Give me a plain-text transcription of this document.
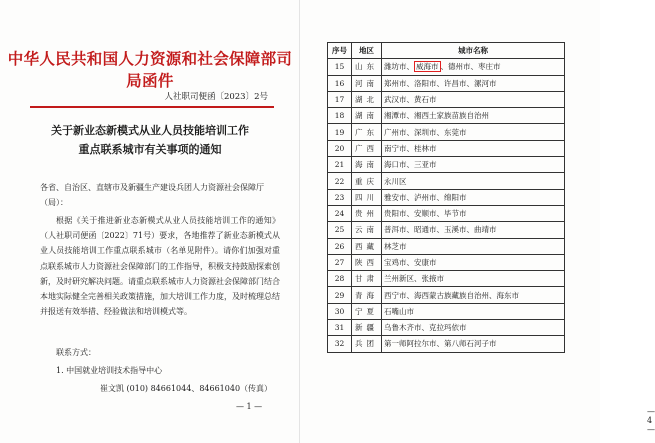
中华人民共和国人力资源和社会保障部司局函件
人社职司便函〔2023〕2号
关于新业态新模式从业人员技能培训工作
重点联系城市有关事项的通知
各省、自治区、直辖市及新疆生产建设兵团人力资源社会保障厅
（局）：
根据《关于推进新业态新模式从业人员技能培训工作的通知》（人社职司便函〔2022〕71号）要求，各地推荐了新业态新模式从业人员技能培训工作重点联系城市（名单见附件）。请你们加强对重点联系城市人力资源社会保障部门的工作指导，积极支持鼓励探索创新，及时研究解决问题。请重点联系城市人力资源社会保障部门结合本地实际健全完善相关政策措施，加大培训工作力度，及时梳理总结并报送有效举措、经验做法和培训模式等。
联系方式：
1. 中国就业培训技术指导中心
崔文凯 (010) 84661044、84661040（传真）
— 1 —
— 4 —
序号	地区	城市名称
15	山东	潍坊市、 威海市 、德州市、枣庄市
16	河南	郑州市、洛阳市、许昌市、漯河市
17	湖北	武汉市、黄石市
18	湖南	湘潭市、湘西土家族苗族自治州
19	广东	广州市、深圳市、东莞市
20	广西	南宁市、桂林市
21	海南	海口市、三亚市
22	重庆	永川区
23	四川	雅安市、泸州市、绵阳市
24	贵州	贵阳市、安顺市、毕节市
25	云南	普洱市、昭通市、玉溪市、曲靖市
26	西藏	林芝市
27	陕西	宝鸡市、安康市
28	甘肃	兰州新区、张掖市
29	青海	西宁市、海西蒙古族藏族自治州、海东市
30	宁夏	石嘴山市
31	新疆	乌鲁木齐市、克拉玛依市
32	兵团	第一师阿拉尔市、第八师石河子市
